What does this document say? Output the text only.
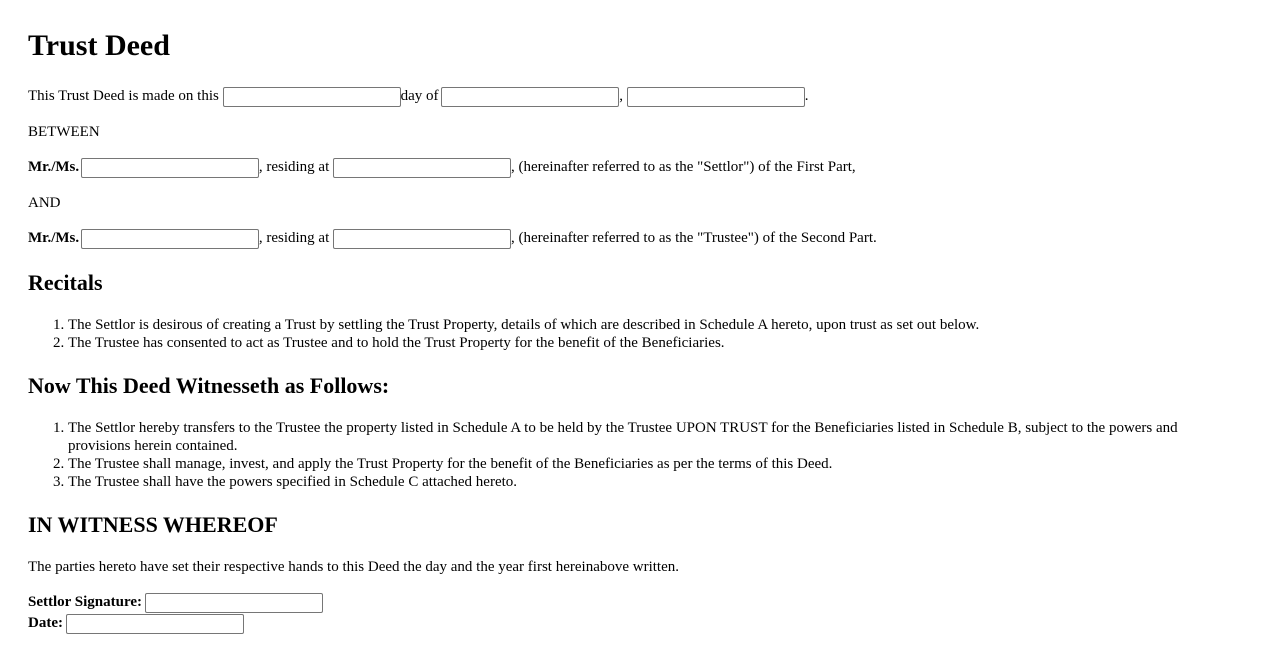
Trust Deed
This Trust Deed is made on this	day of	,	.
BETWEEN
Mr./Ms.	, residing at	, (hereinafter referred to as the "Settlor") of the First Part,
AND
Mr./Ms.	, residing at	, (hereinafter referred to as the "Trustee") of the Second Part.
Recitals
1. The Settlor is desirous of creating a Trust by settling the Trust Property, details of which are described in Schedule A hereto, upon trust as set out below.
2. The Trustee has consented to act as Trustee and to hold the Trust Property for the benefit of the Beneficiaries.
Now This Deed Witnesseth as Follows:
1. The Settlor hereby transfers to the Trustee the property listed in Schedule A to be held by the Trustee UPON TRUST for the Beneficiaries listed in Schedule B, subject to the powers and provisions herein contained.
2. The Trustee shall manage, invest, and apply the Trust Property for the benefit of the Beneficiaries as per the terms of this Deed.
3. The Trustee shall have the powers specified in Schedule C attached hereto.
IN WITNESS WHEREOF
The parties hereto have set their respective hands to this Deed the day and the year first hereinabove written.
Settlor Signature:
Date:
